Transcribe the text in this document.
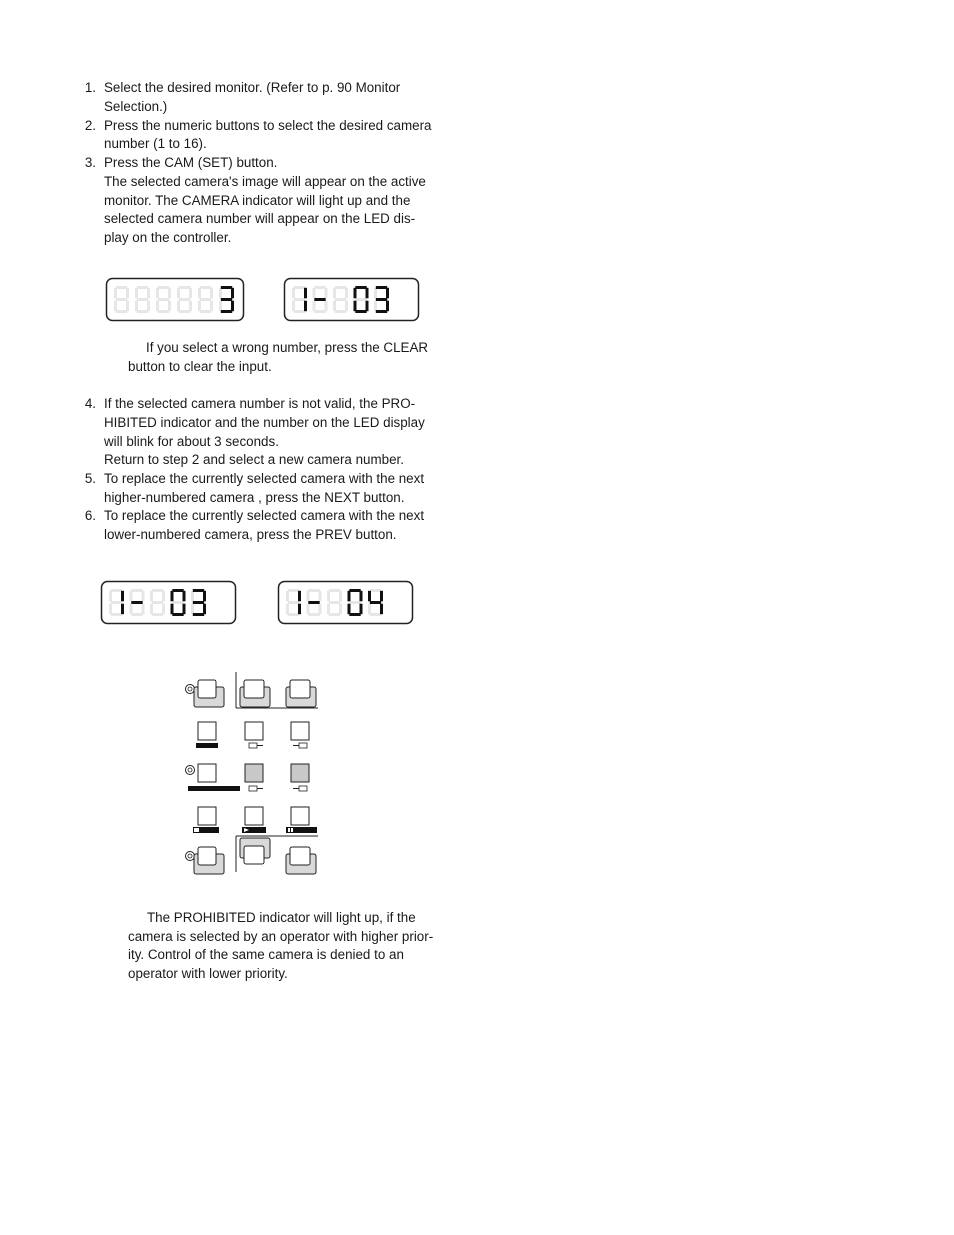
1. Select the desired monitor. (Refer to p. 90 Monitor
Selection.)
2. Press the numeric buttons to select the desired camera
number (1 to 16).
3. Press the CAM (SET) button.
The selected camera's image will appear on the active
monitor. The CAMERA indicator will light up and the
selected camera number will appear on the LED dis-
play on the controller.
If you select a wrong number, press the CLEAR
button to clear the input.
4. If the selected camera number is not valid, the PRO-
HIBITED indicator and the number on the LED display
will blink for about 3 seconds.
Return to step 2 and select a new camera number.
5. To replace the currently selected camera with the next
higher-numbered camera , press the NEXT button.
6. To replace the currently selected camera with the next
lower-numbered camera, press the PREV button.
The PROHIBITED indicator will light up, if the
camera is selected by an operator with higher prior-
ity. Control of the same camera is denied to an
operator with lower priority.
